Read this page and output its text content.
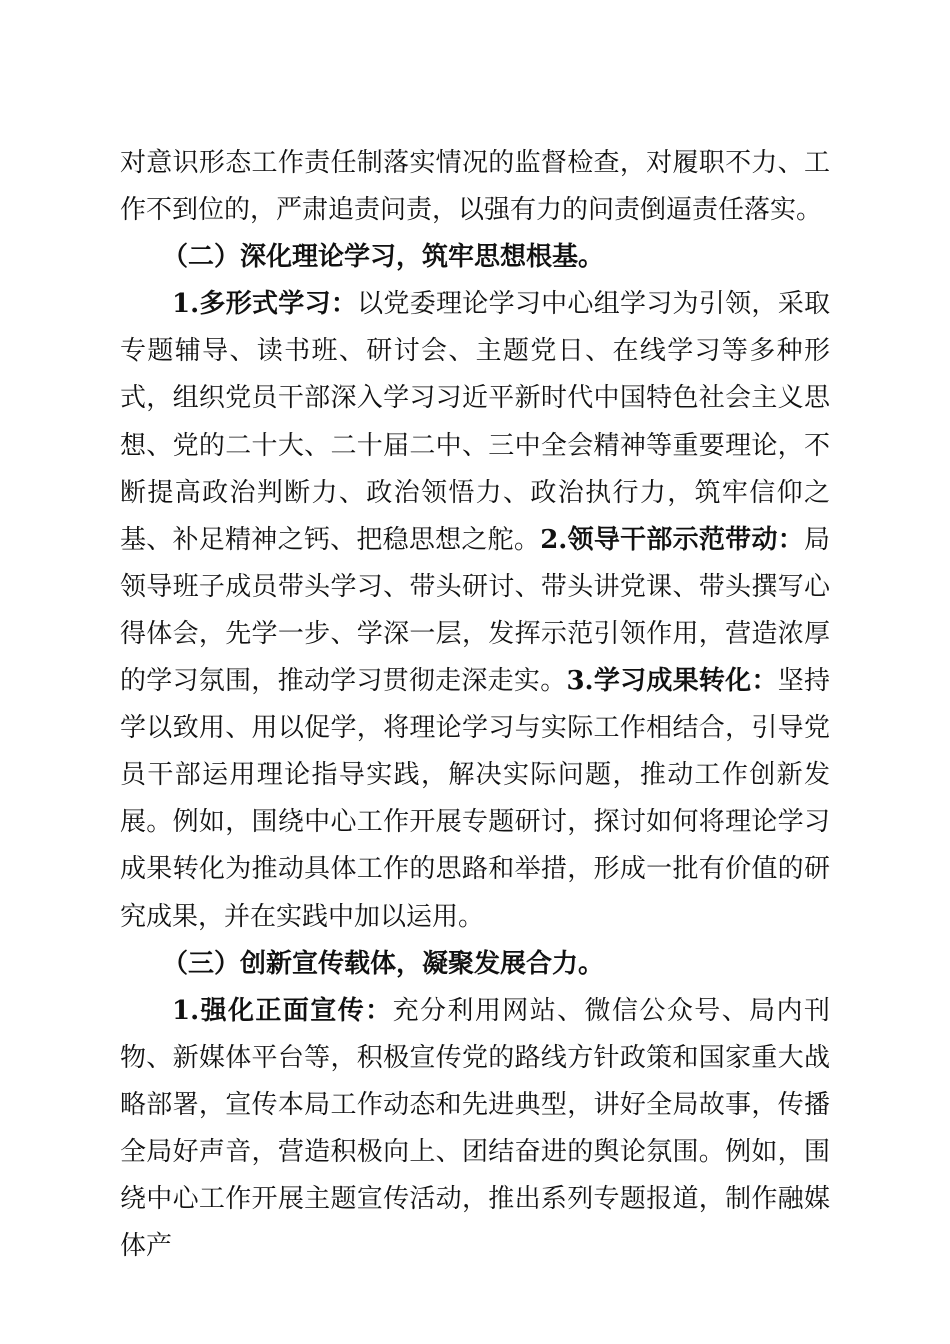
对意识形态工作责任制落实情况的监督检查，对履职不力、工作不到位的，严肃追责问责，以强有力的问责倒逼责任落实。

（二）深化理论学习，筑牢思想根基。

1.多形式学习：以党委理论学习中心组学习为引领，采取专题辅导、读书班、研讨会、主题党日、在线学习等多种形式，组织党员干部深入学习习近平新时代中国特色社会主义思想、党的二十大、二十届二中、三中全会精神等重要理论，不断提高政治判断力、政治领悟力、政治执行力，筑牢信仰之基、补足精神之钙、把稳思想之舵。2.领导干部示范带动：局领导班子成员带头学习、带头研讨、带头讲党课、带头撰写心得体会，先学一步、学深一层，发挥示范引领作用，营造浓厚的学习氛围，推动学习贯彻走深走实。3.学习成果转化：坚持学以致用、用以促学，将理论学习与实际工作相结合，引导党员干部运用理论指导实践，解决实际问题，推动工作创新发展。例如，围绕中心工作开展专题研讨，探讨如何将理论学习成果转化为推动具体工作的思路和举措，形成一批有价值的研究成果，并在实践中加以运用。

（三）创新宣传载体，凝聚发展合力。

1.强化正面宣传：充分利用网站、微信公众号、局内刊物、新媒体平台等，积极宣传党的路线方针政策和国家重大战略部署，宣传本局工作动态和先进典型，讲好全局故事，传播全局好声音，营造积极向上、团结奋进的舆论氛围。例如，围绕中心工作开展主题宣传活动，推出系列专题报道，制作融媒体产
